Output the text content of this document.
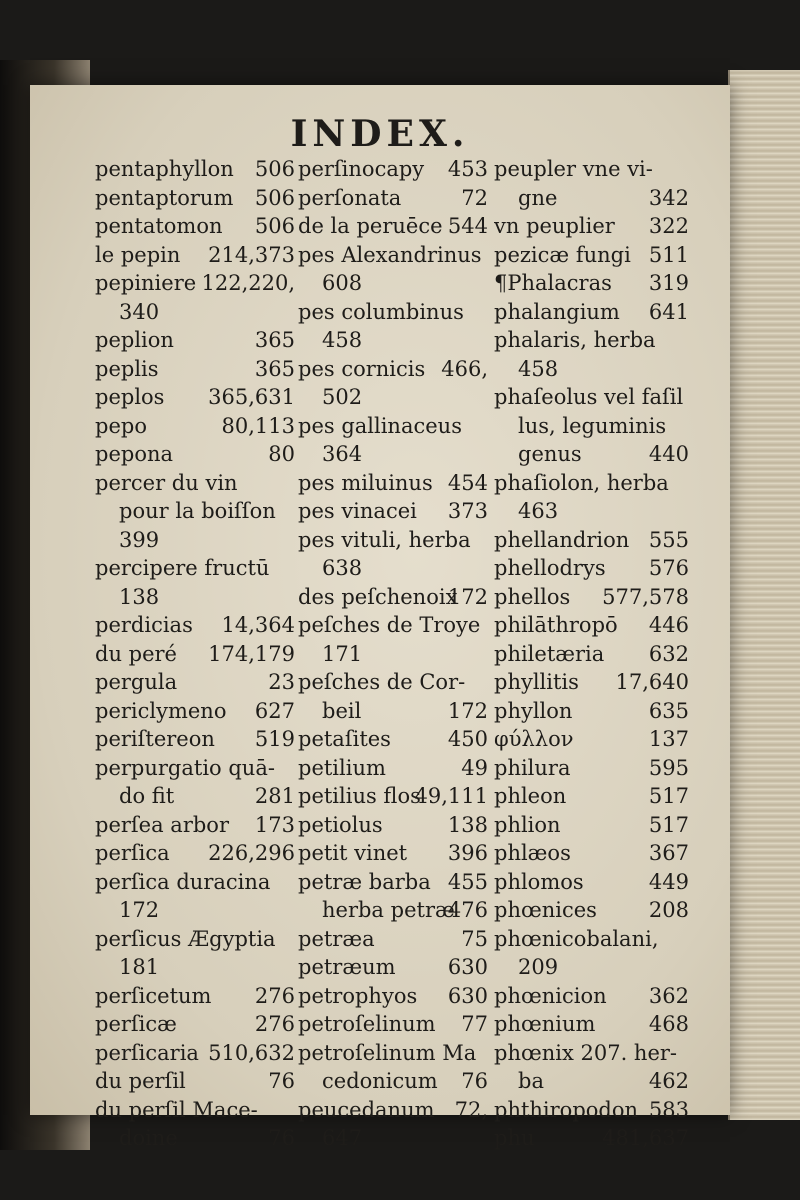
INDEX.
pentaphyllon 506
pentaptorum 506
pentatomon 506
le pepin 214,373
pepiniere 122,220,
340
peplion	365
peplis	365
peplos 365,631
pepo	80,113
pepona	80
percer du vin
pour la boiſſon
399
percipere fructū
138
perdicias 14,364
du peré 174,179
pergula	23
periclymeno 627
periſtereon 519
perpurgatio quā-
do fit	281
perſea arbor 173
perſica 226,296
perſica duracina
172
perſicus Ægyptia
181
perſicetum 276
perſicæ	276
perſicaria 510,632
du perſil	76
du perſil Mace-
doine	76
perſinocapy 453
perſonata	72
de la peruēce 544
pes Alexandrinus
608
pes columbinus
458
pes cornicis 466,
502
pes gallinaceus
364
pes miluinus 454
pes vinacei 373
pes vituli, herba
638
des peſchenoix
172
peſches de Troye
171
peſches de Cor-
beil	172
petaſites	450
petilium	49
petilius flos
49,111
petiolus	138
petit vinet 396
petræ barba 455
herba petræ
476
petræa	75
petræum 630
petrophyos 630
petroſelinum 77
petroſelinum Ma
cedonicum 76
peucedanum 72,
647
peupler vne vi-
gne	342
vn peuplier 322
pezicæ fungi 511
¶Phalacras 319
phalangium 641
phalaris, herba
458
phaſeolus vel faſil
lus, leguminis
genus	440
phaſiolon, herba
463
phellandrion 555
phellodrys 576
phellos 577,578
philāthropō 446
philetæria 632
phyllitis 17,640
phyllon	635
φύλλον	137
philura	595
phleon	517
phlion	517
phlæos	367
phlomos	449
phœnices 208
phœnicobalani,
209
phœnicion 362
phœnium	468
phœnix 207. her-
ba	462
phthiropodon 583
phu	481,637
